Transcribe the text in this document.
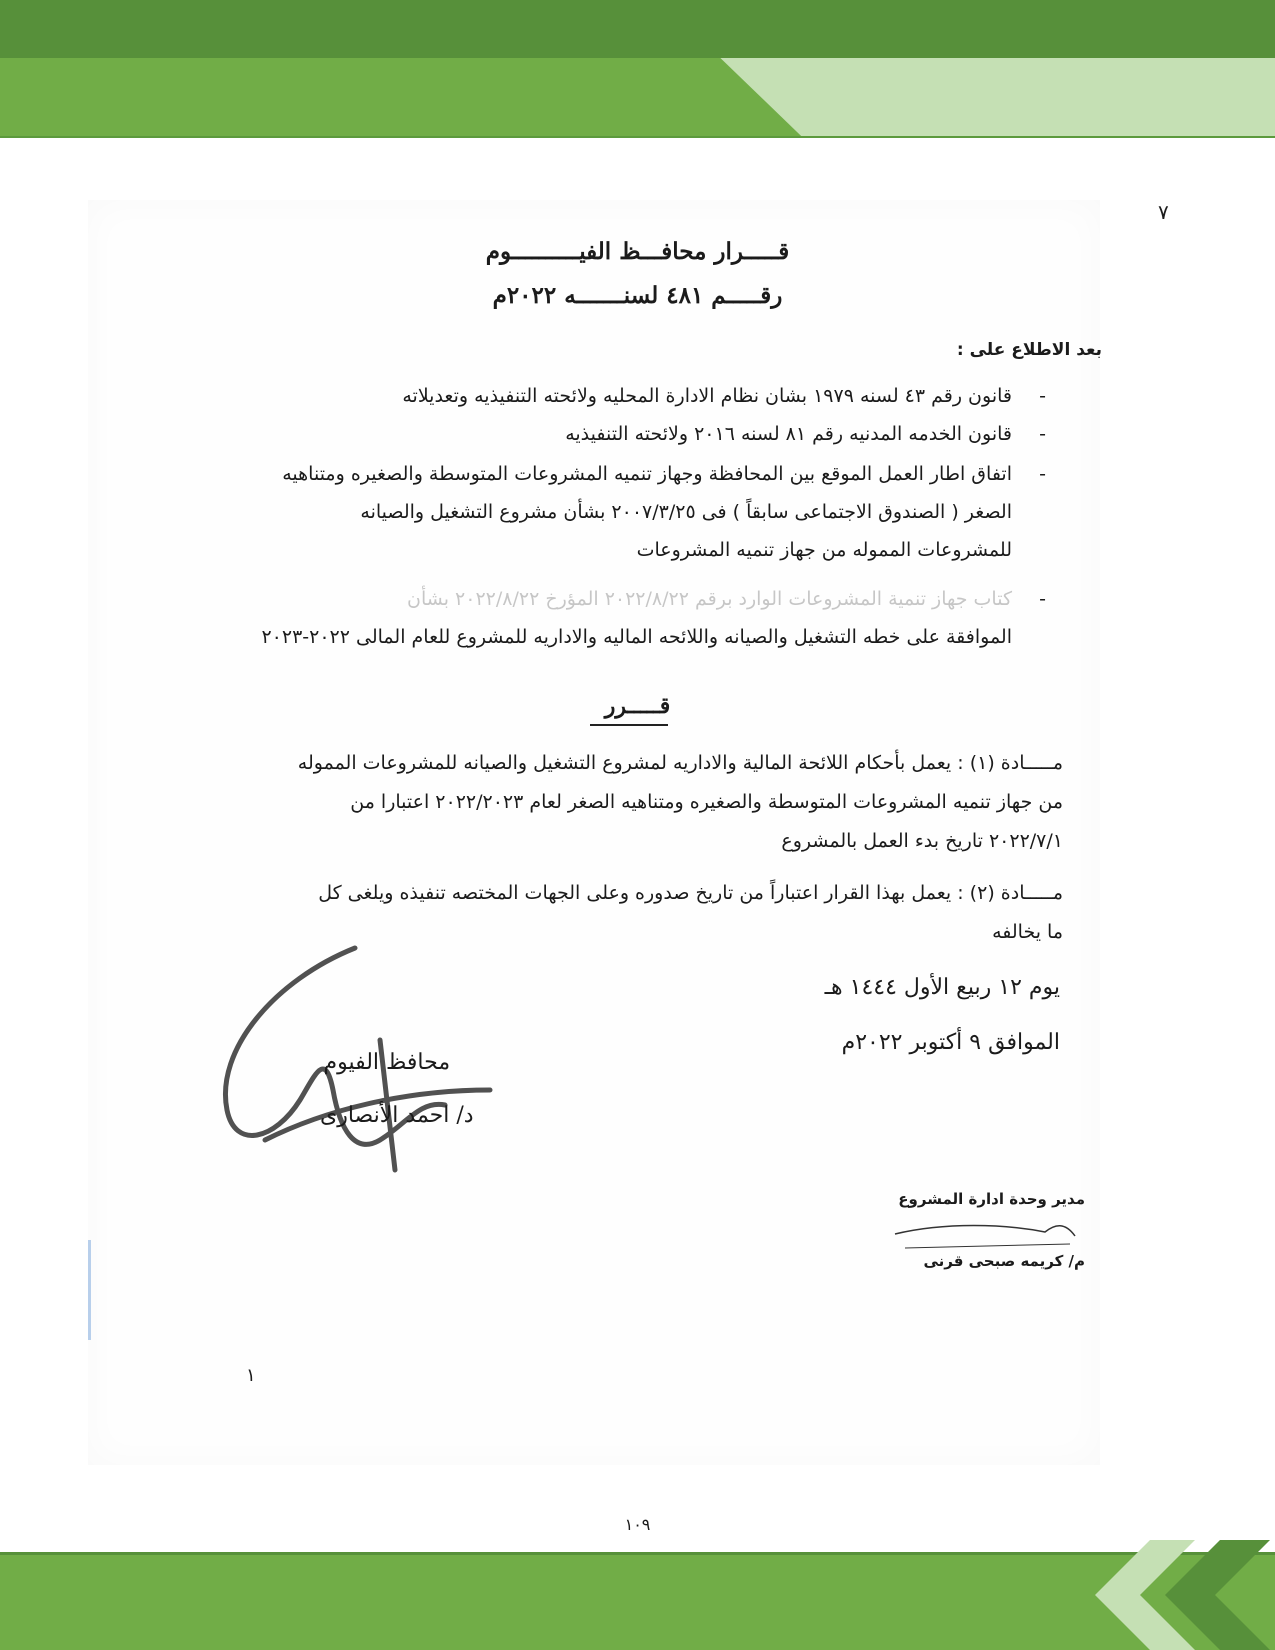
٧
قـــــرار محافـــظ الفيــــــــــوم
رقـــــم ٤٨١ لسنـــــــه ٢٠٢٢م
بعد الاطلاع على :
-
قانون رقم ٤٣ لسنه ١٩٧٩ بشان نظام الادارة المحليه ولائحته التنفيذيه وتعديلاته
-
قانون الخدمه المدنيه رقم ٨١ لسنه ٢٠١٦ ولائحته التنفيذيه
-
اتفاق اطار العمل الموقع بين المحافظة وجهاز تنميه المشروعات المتوسطة والصغيره ومتناهيه
الصغر ( الصندوق الاجتماعى سابقاً ) فى ٢٠٠٧/٣/٢٥ بشأن مشروع التشغيل والصيانه
للمشروعات المموله من جهاز تنميه المشروعات
-
كتاب جهاز تنمية المشروعات الوارد برقم ٢٠٢٢/٨/٢٢ المؤرخ ٢٠٢٢/٨/٢٢ بشأن
الموافقة على خطه التشغيل والصيانه واللائحه الماليه والاداريه للمشروع للعام المالى ٢٠٢٢-٢٠٢٣
قـــــرر
مـــــادة (١) : يعمل بأحكام اللائحة المالية والاداريه لمشروع التشغيل والصيانه للمشروعات المموله
من جهاز تنميه المشروعات المتوسطة والصغيره ومتناهيه الصغر لعام ٢٠٢٢/٢٠٢٣ اعتبارا من
٢٠٢٢/٧/١ تاريخ بدء العمل بالمشروع
مـــــادة (٢) : يعمل بهذا القرار اعتباراً من تاريخ صدوره وعلى الجهات المختصه تنفيذه ويلغى كل
ما يخالفه
يوم ١٢ ربيع الأول ١٤٤٤ هـ
الموافق ٩ أكتوبر ٢٠٢٢م
محافظ الفيوم
د/ احمد الأنصارى
مدير وحدة ادارة المشروع
م/ كريمه صبحى قرنى
١
١٠٩
